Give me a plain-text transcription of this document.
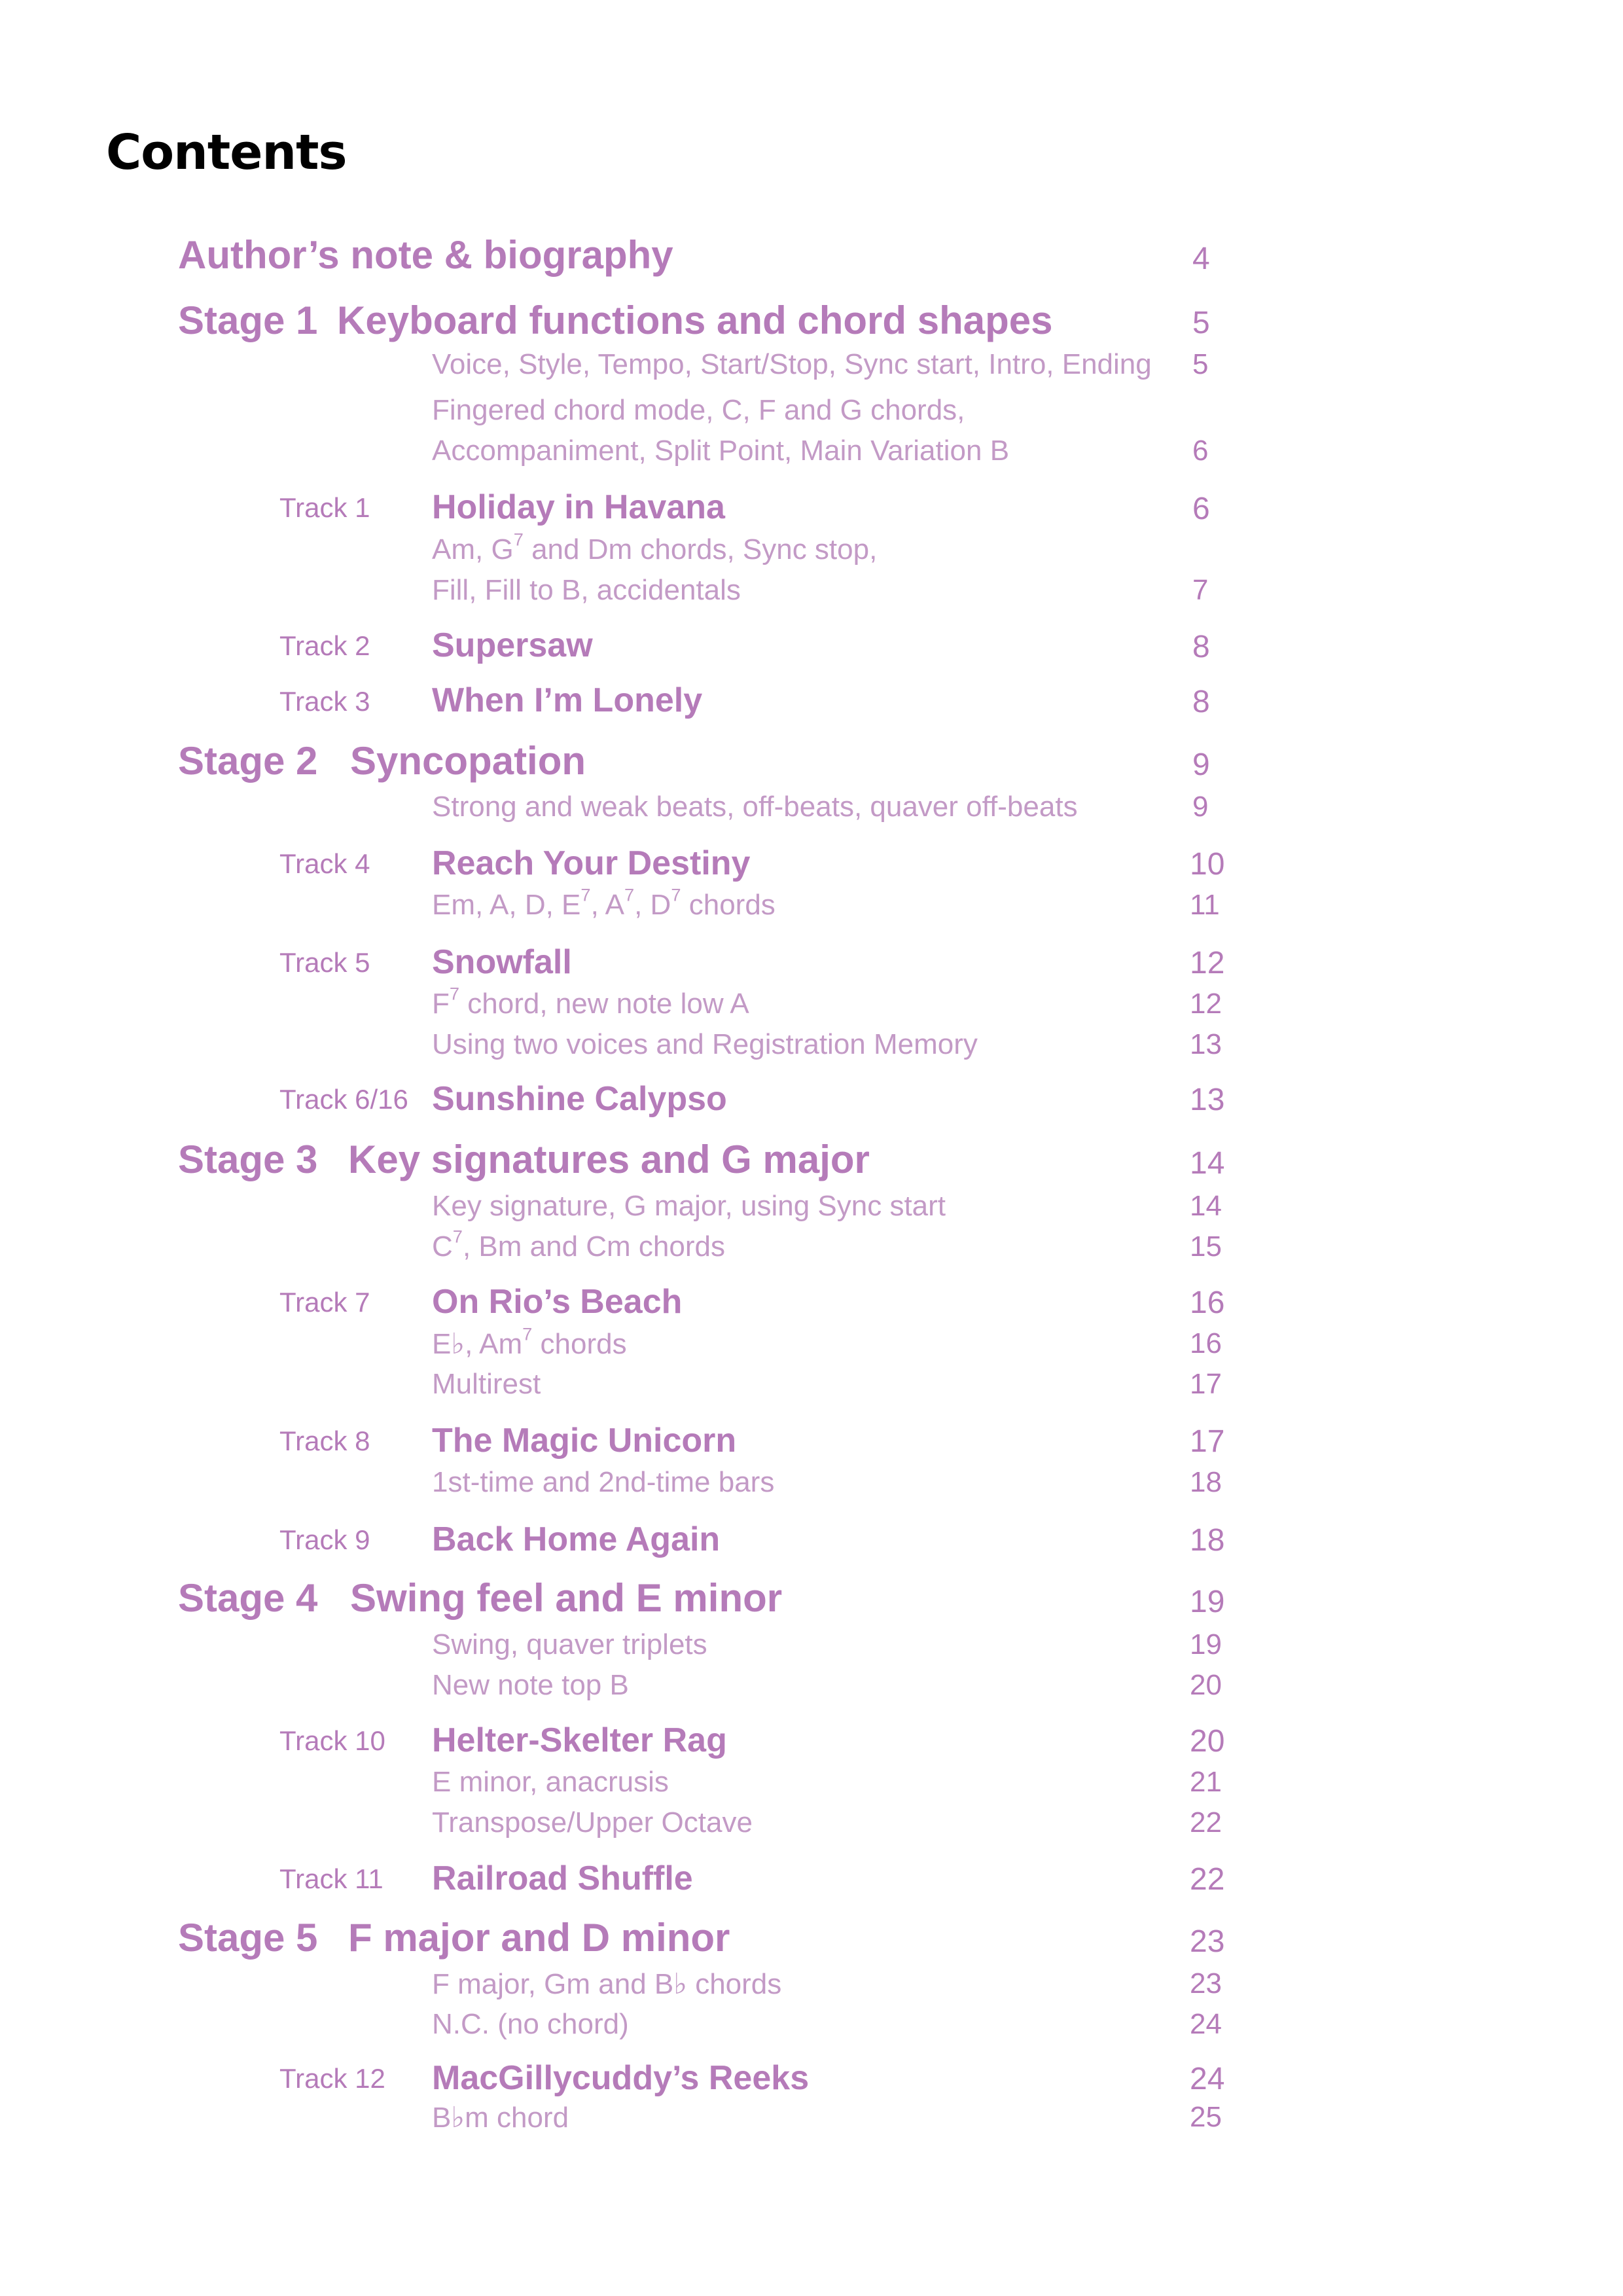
Contents
Author’s note & biography	4
Stage 1 Keyboard functions and chord shapes	5
Voice, Style, Tempo, Start/Stop, Sync start, Intro, Ending 5
Fingered chord mode, C, F and G chords,
Accompaniment, Split Point, Main Variation B	6
Track 1 Holiday in Havana	6
Am, $G^7$ and Dm chords, Sync stop,
Fill, Fill to B, accidentals	7
Track 2 Supersaw	8
Track 3 When I’m Lonely	8
Stage 2 Syncopation	9
Strong and weak beats, off-beats, quaver off-beats	9
Track 4 Reach Your Destiny	10
Em, A, D, $E^7$, $A^7$, $D^7$ chords	11
Track 5 Snowfall	12
$F^7$ chord, new note low A	12
Using two voices and Registration Memory	13
Track 6/16 Sunshine Calypso	13
Stage 3 Key signatures and G major	14
Key signature, G major, using Sync start	14
$C^7$, Bm and Cm chords	15
Track 7 On Rio’s Beach	16
E♭, Am$^7$ chords	16
Multirest	17
Track 8 The Magic Unicorn	17
1st-time and 2nd-time bars	18
Track 9 Back Home Again	18
Stage 4 Swing feel and E minor	19
Swing, quaver triplets	19
New note top B	20
Track 10 Helter-Skelter Rag	20
E minor, anacrusis	21
Transpose/Upper Octave	22
Track 11 Railroad Shuffle	22
Stage 5 F major and D minor	23
F major, Gm and B♭ chords	23
N.C. (no chord)	24
Track 12 MacGillycuddy’s Reeks	24
B♭m chord	25
